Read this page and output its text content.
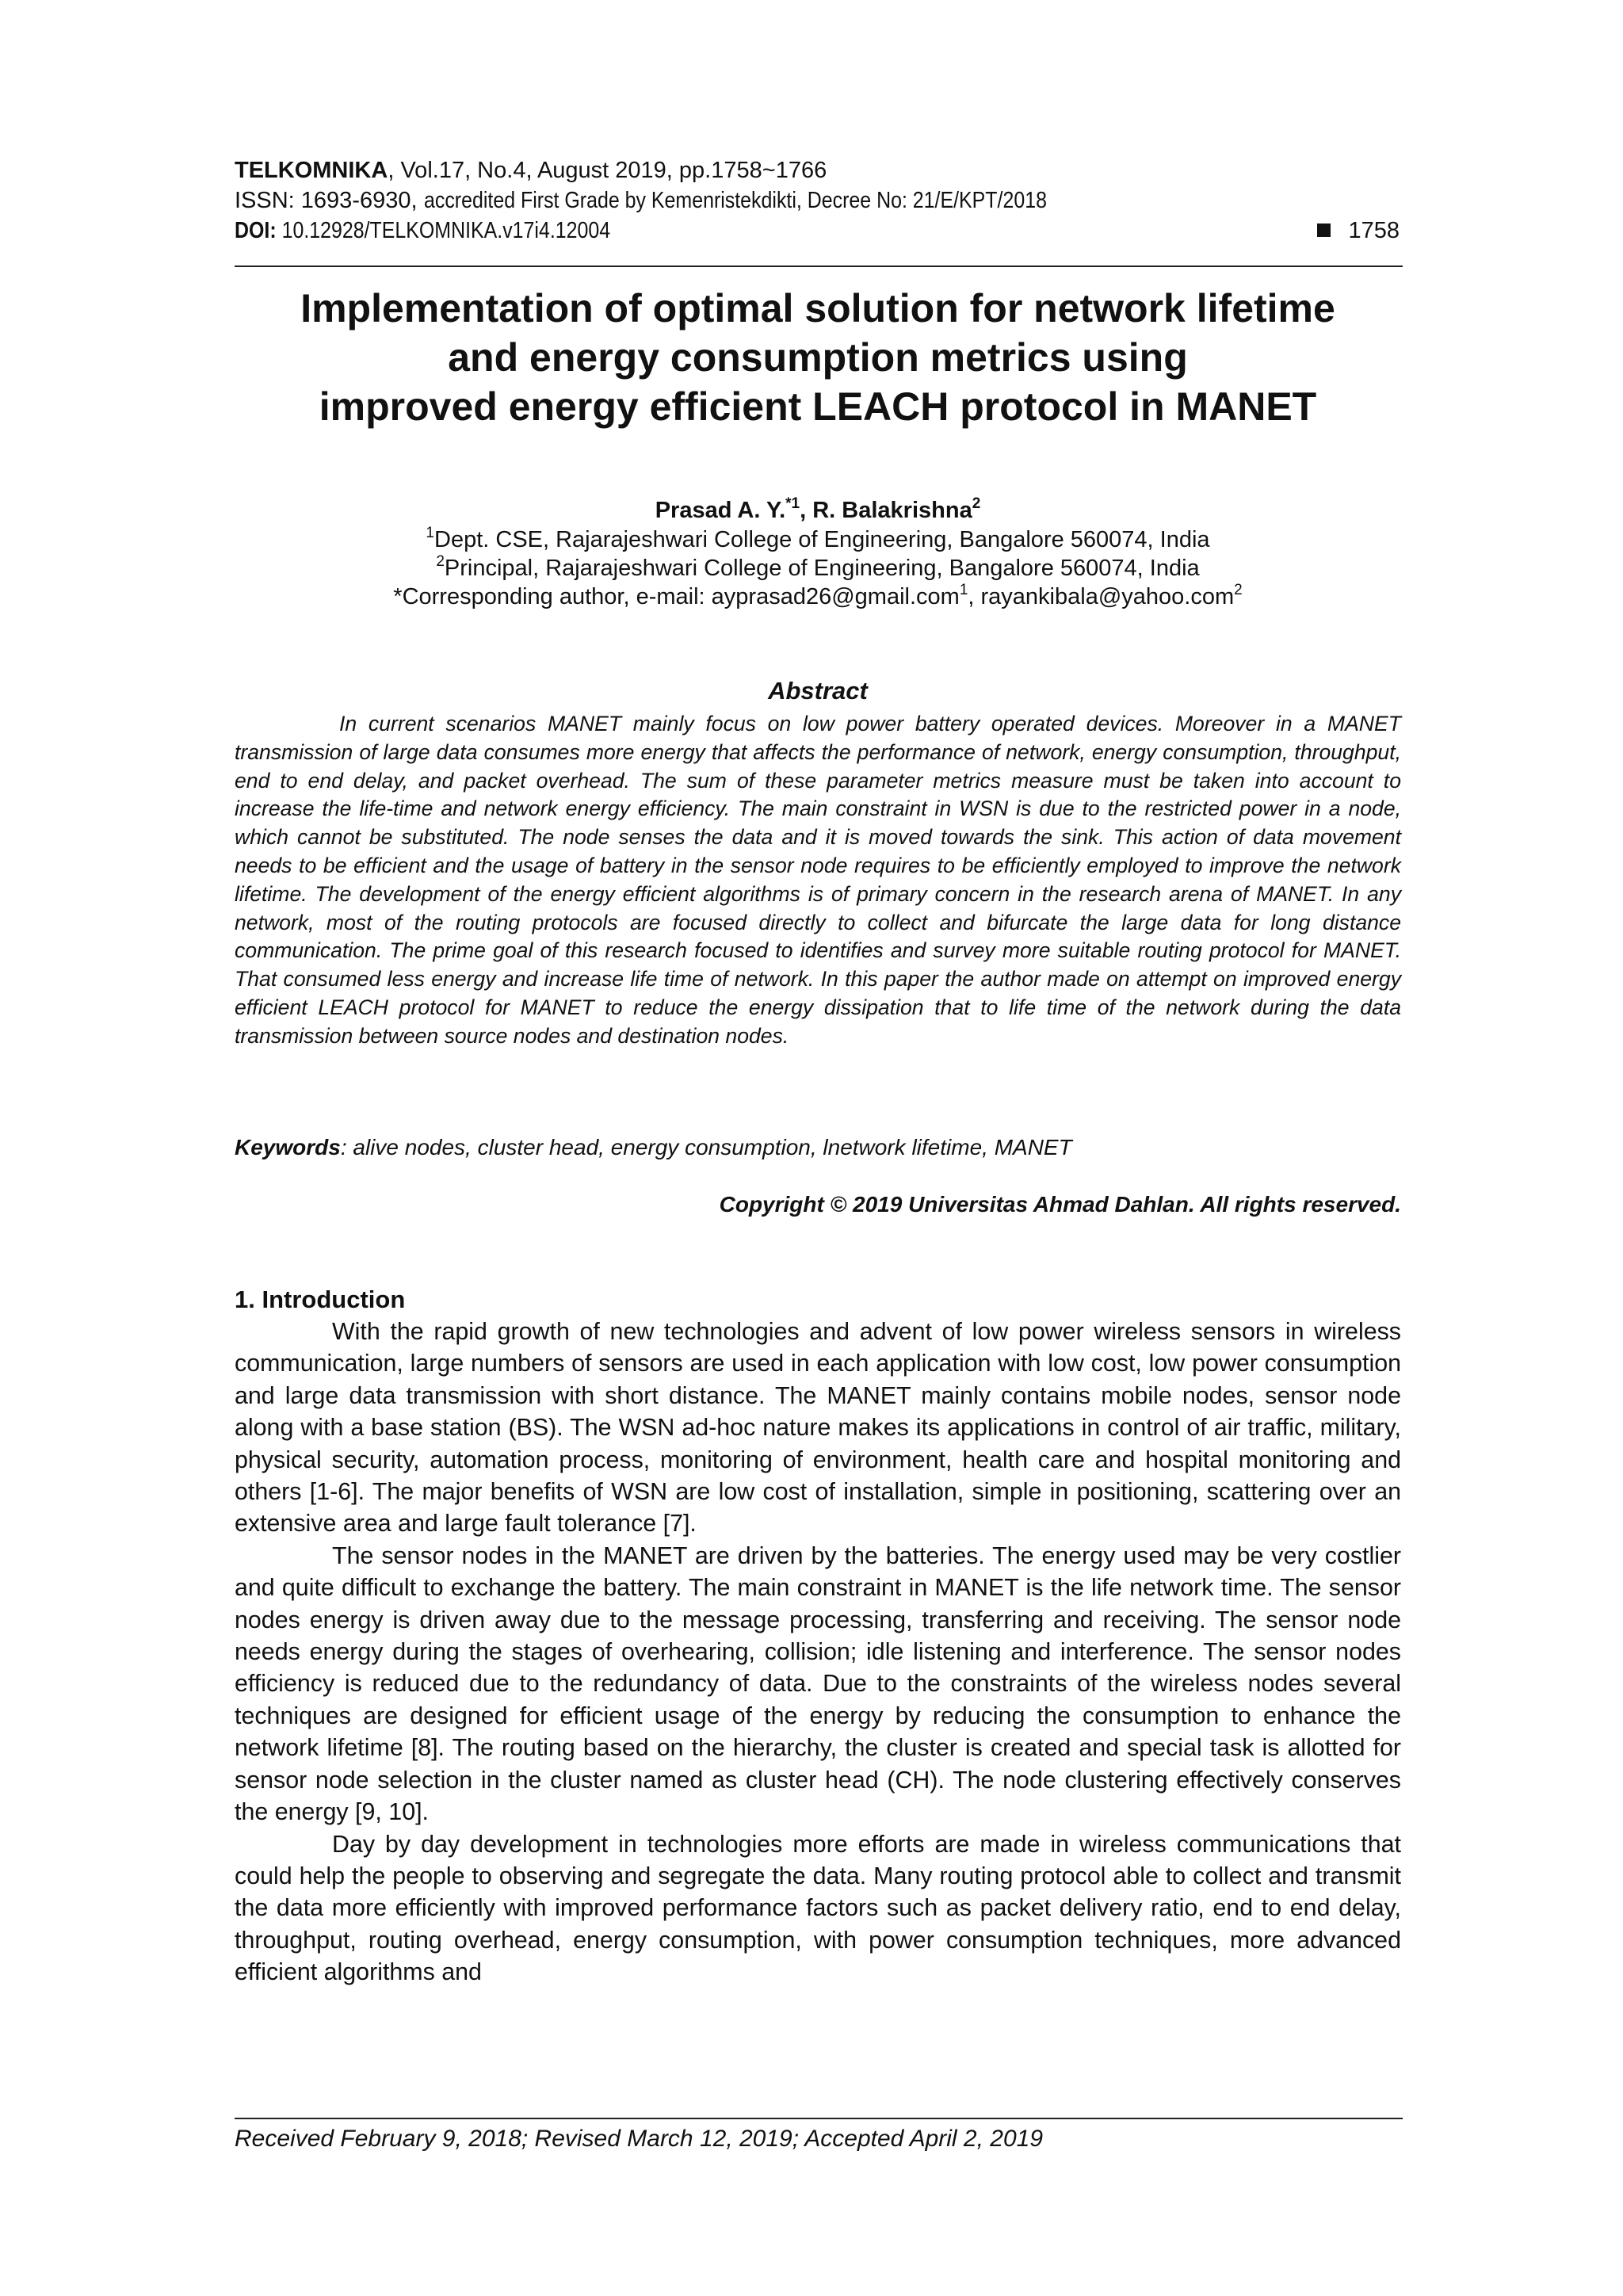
TELKOMNIKA, Vol.17, No.4, August 2019, pp.1758~1766
ISSN: 1693-6930, accredited First Grade by Kemenristekdikti, Decree No: 21/E/KPT/2018
DOI: 10.12928/TELKOMNIKA.v17i4.12004	1758
Implementation of optimal solution for network lifetime
and energy consumption metrics using
improved energy efficient LEACH protocol in MANET
Prasad A. Y.$^{*1}$, R. Balakrishna$^2$
$^1$Dept. CSE, Rajarajeshwari College of Engineering, Bangalore 560074, India
$^2$Principal, Rajarajeshwari College of Engineering, Bangalore 560074, India
*Corresponding author, e-mail: ayprasad26@gmail.com$^1$, rayankibala@yahoo.com$^2$
Abstract
In current scenarios MANET mainly focus on low power battery operated devices. Moreover in a MANET transmission of large data consumes more energy that affects the performance of network, energy consumption, throughput, end to end delay, and packet overhead. The sum of these parameter metrics measure must be taken into account to increase the life-time and network energy efficiency. The main constraint in WSN is due to the restricted power in a node, which cannot be substituted. The node senses the data and it is moved towards the sink. This action of data movement needs to be efficient and the usage of battery in the sensor node requires to be efficiently employed to improve the network lifetime. The development of the energy efficient algorithms is of primary concern in the research arena of MANET. In any network, most of the routing protocols are focused directly to collect and bifurcate the large data for long distance communication. The prime goal of this research focused to identifies and survey more suitable routing protocol for MANET. That consumed less energy and increase life time of network. In this paper the author made on attempt on improved energy efficient LEACH protocol for MANET to reduce the energy dissipation that to life time of the network during the data transmission between source nodes and destination nodes.
Keywords: alive nodes, cluster head, energy consumption, lnetwork lifetime, MANET
Copyright © 2019 Universitas Ahmad Dahlan. All rights reserved.
1. Introduction

With the rapid growth of new technologies and advent of low power wireless sensors in wireless communication, large numbers of sensors are used in each application with low cost, low power consumption and large data transmission with short distance. The MANET mainly contains mobile nodes, sensor node along with a base station (BS). The WSN ad-hoc nature makes its applications in control of air traffic, military, physical security, automation process, monitoring of environment, health care and hospital monitoring and others [1-6]. The major benefits of WSN are low cost of installation, simple in positioning, scattering over an extensive area and large fault tolerance [7].

The sensor nodes in the MANET are driven by the batteries. The energy used may be very costlier and quite difficult to exchange the battery. The main constraint in MANET is the life network time. The sensor nodes energy is driven away due to the message processing, transferring and receiving. The sensor node needs energy during the stages of overhearing, collision; idle listening and interference. The sensor nodes efficiency is reduced due to the redundancy of data. Due to the constraints of the wireless nodes several techniques are designed for efficient usage of the energy by reducing the consumption to enhance the network lifetime [8]. The routing based on the hierarchy, the cluster is created and special task is allotted for sensor node selection in the cluster named as cluster head (CH). The node clustering effectively conserves the energy [9, 10].

Day by day development in technologies more efforts are made in wireless communications that could help the people to observing and segregate the data. Many routing protocol able to collect and transmit the data more efficiently with improved performance factors such as packet delivery ratio, end to end delay, throughput, routing overhead, energy consumption, with power consumption techniques, more advanced efficient algorithms and

Received February 9, 2018; Revised March 12, 2019; Accepted April 2, 2019
